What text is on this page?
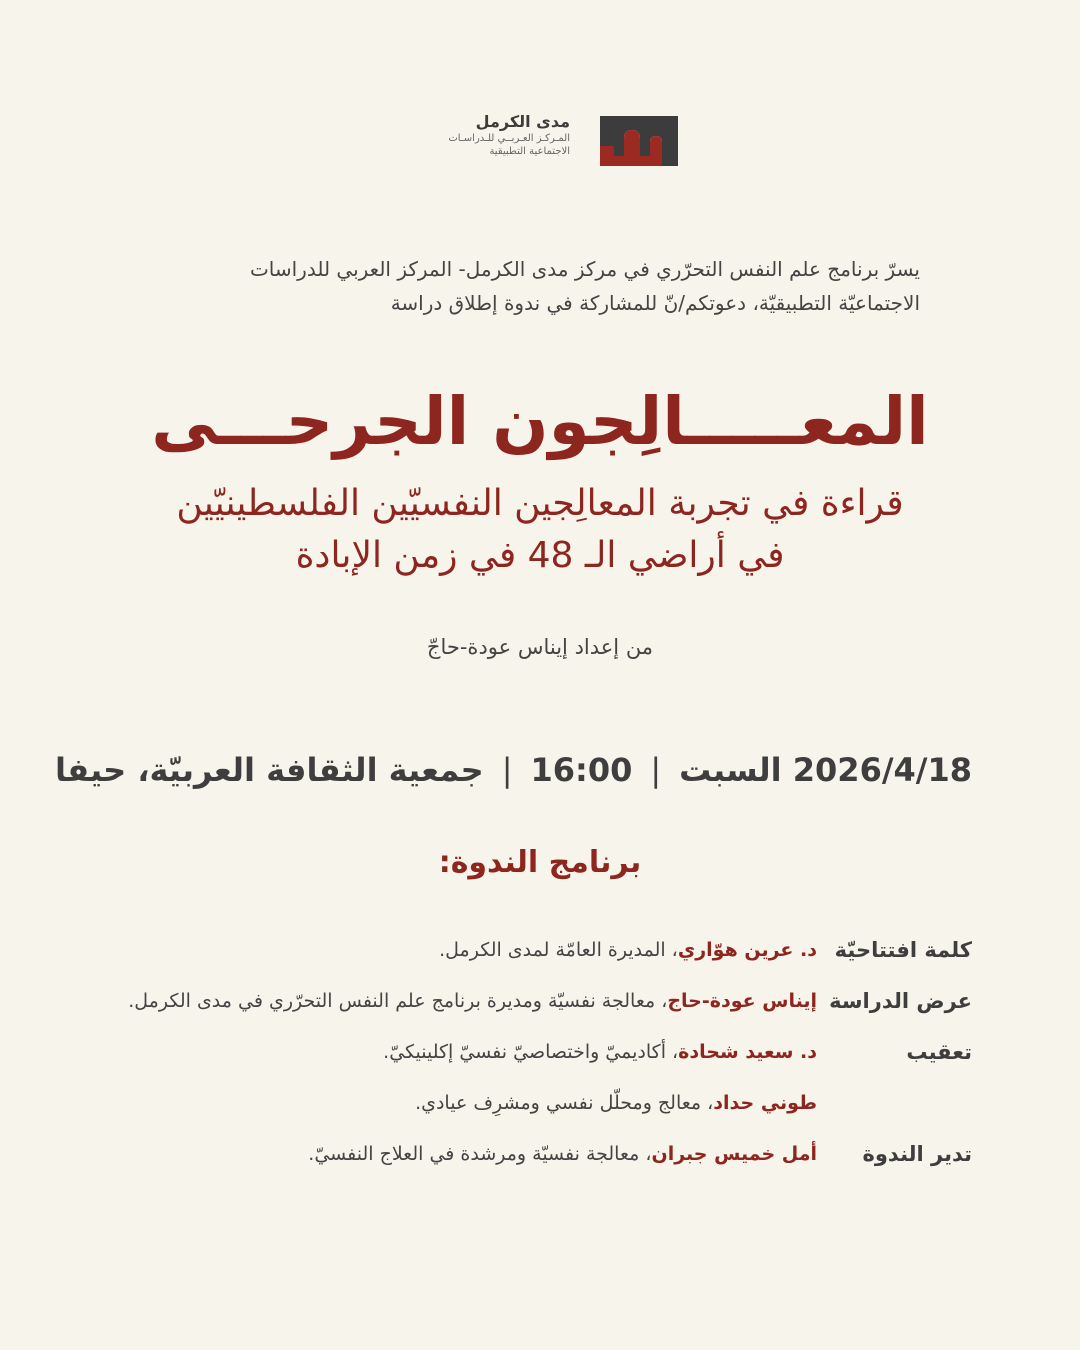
مدى الكرمل
المـركـز العـربــي للـدراسـات
الاجتماعية التطبيقية
يسرّ برنامج علم النفس التحرّري في مركز مدى الكرمل- المركز العربي للدراسات
الاجتماعيّة التطبيقيّة، دعوتكم/نّ للمشاركة في ندوة إطلاق دراسة
المعـــــالِجون الجرحـــى
قراءة في تجربة المعالِجين النفسيّين الفلسطينيّين
في أراضي الـ 48 في زمن الإبادة
من إعداد إيناس عودة-حاجّ
2026/4/18 السبت|16:00|جمعية الثقافة العربيّة، حيفا
برنامج الندوة:
كلمة افتتاحيّة
د. عرين هوّاري، المديرة العامّة لمدى الكرمل.
عرض الدراسة
إيناس عودة-حاج، معالجة نفسيّة ومديرة برنامج علم النفس التحرّري في مدى الكرمل.
تعقيب
د. سعيد شحادة، أكاديميّ واختصاصيّ نفسيّ إكلينيكيّ.
طوني حداد، معالج ومحلّل نفسي ومشرِف عيادي.
تدير الندوة
أمل خميس جبران، معالجة نفسيّة ومرشدة في العلاج النفسيّ.
